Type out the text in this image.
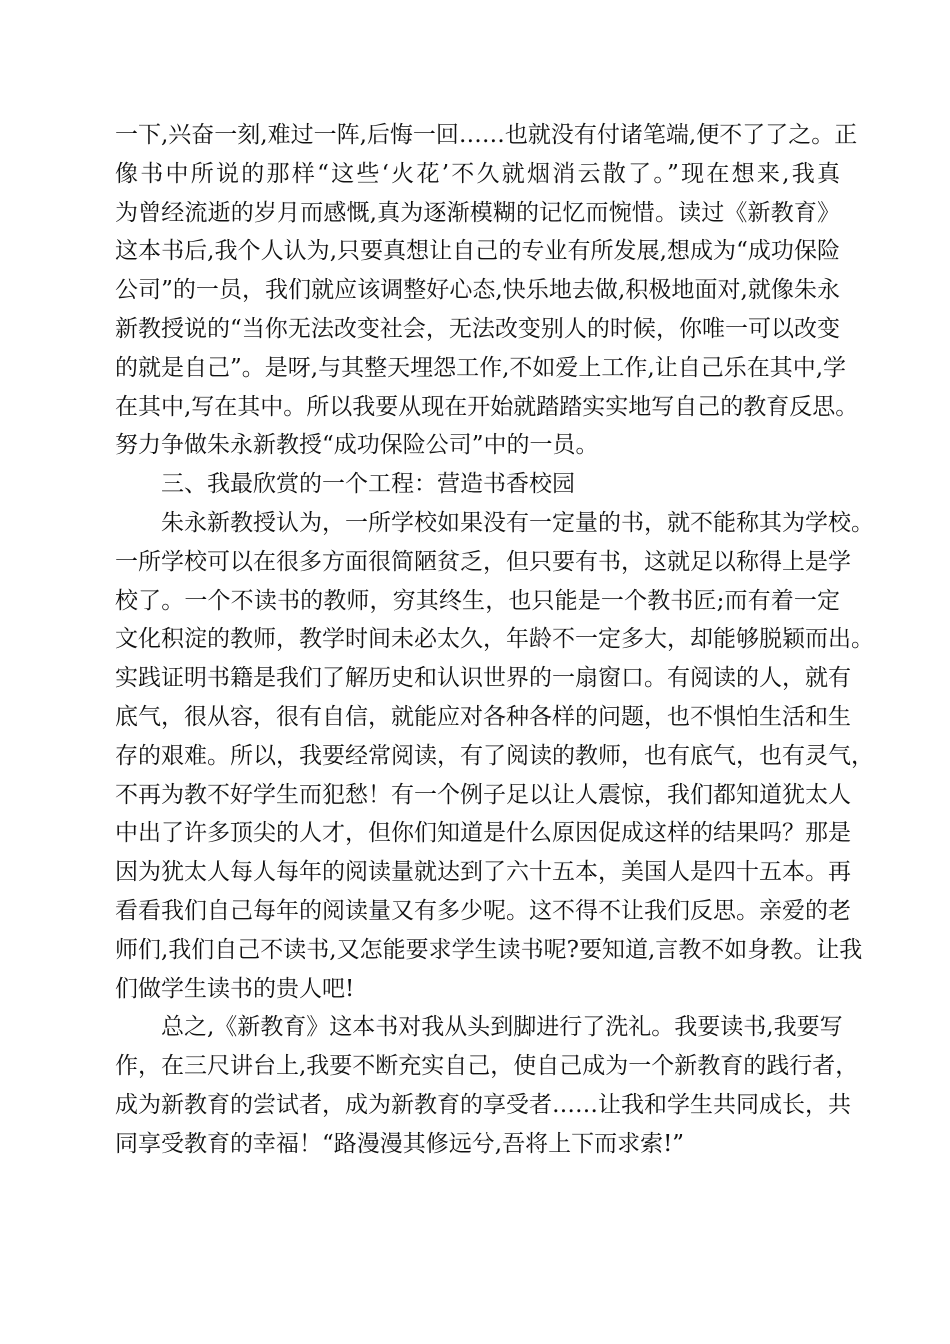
一下,兴奋一刻,难过一阵,后悔一回……也就没有付诸笔端,便不了了之。正
像书中所说的那样“这些‘火花’不久就烟消云散了。”现在想来,我真
为曾经流逝的岁月而感慨,真为逐渐模糊的记忆而惋惜。读过《新教育》
这本书后,我个人认为,只要真想让自己的专业有所发展,想成为“成功保险
公司”的一员，我们就应该调整好心态,快乐地去做,积极地面对,就像朱永
新教授说的“当你无法改变社会，无法改变别人的时候，你唯一可以改变
的就是自己”。是呀,与其整天埋怨工作,不如爱上工作,让自己乐在其中,学
在其中,写在其中。所以我要从现在开始就踏踏实实地写自己的教育反思。
努力争做朱永新教授“成功保险公司”中的一员。
三、我最欣赏的一个工程：营造书香校园
朱永新教授认为，一所学校如果没有一定量的书，就不能称其为学校。
一所学校可以在很多方面很简陋贫乏，但只要有书，这就足以称得上是学
校了。一个不读书的教师，穷其终生，也只能是一个教书匠;而有着一定
文化积淀的教师，教学时间未必太久，年龄不一定多大，却能够脱颖而出。
实践证明书籍是我们了解历史和认识世界的一扇窗口。有阅读的人，就有
底气，很从容，很有自信，就能应对各种各样的问题，也不惧怕生活和生
存的艰难。所以，我要经常阅读，有了阅读的教师，也有底气，也有灵气，
不再为教不好学生而犯愁！有一个例子足以让人震惊，我们都知道犹太人
中出了许多顶尖的人才，但你们知道是什么原因促成这样的结果吗？那是
因为犹太人每人每年的阅读量就达到了六十五本，美国人是四十五本。再
看看我们自己每年的阅读量又有多少呢。这不得不让我们反思。亲爱的老
师们,我们自己不读书,又怎能要求学生读书呢?要知道,言教不如身教。让我
们做学生读书的贵人吧!
总之,《新教育》这本书对我从头到脚进行了洗礼。我要读书,我要写
作，在三尺讲台上,我要不断充实自己，使自己成为一个新教育的践行者，
成为新教育的尝试者，成为新教育的享受者……让我和学生共同成长，共
同享受教育的幸福！“路漫漫其修远兮,吾将上下而求索!”
